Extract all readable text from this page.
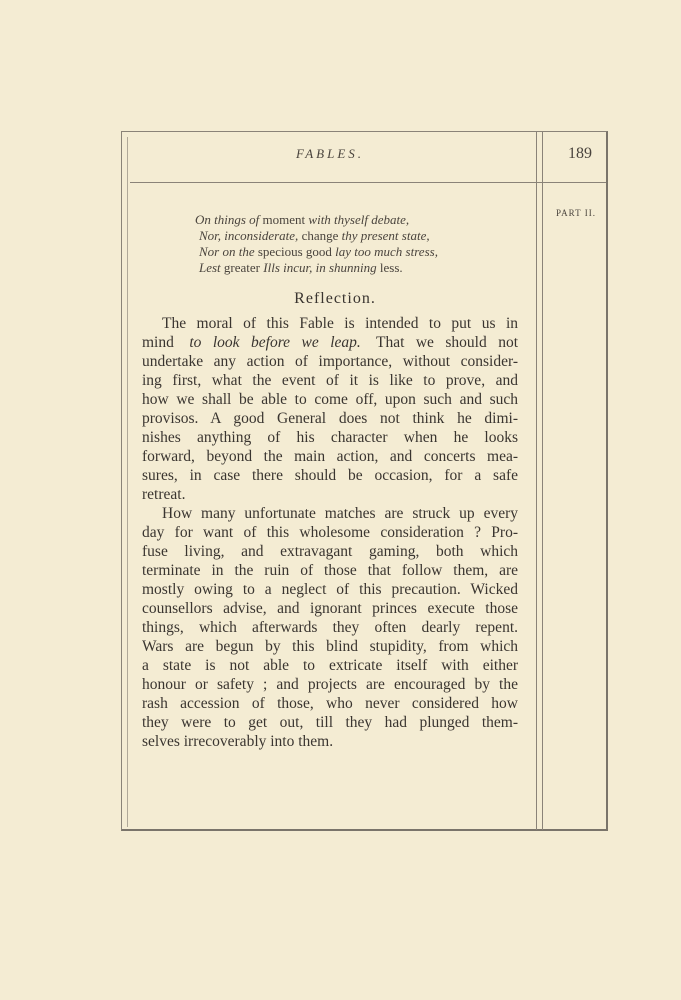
FABLES.	189
PART II.
On things of moment with thyself debate,
Nor, inconsiderate, change thy present state,
Nor on the specious good lay too much stress,
Lest greater Ills incur, in shunning less.
Reflection.
The moral of this Fable is intended to put us in
mind to look before we leap. That we should not
undertake any action of importance, without consider-
ing first, what the event of it is like to prove, and
how we shall be able to come off, upon such and such
provisos. A good General does not think he dimi-
nishes anything of his character when he looks
forward, beyond the main action, and concerts mea-
sures, in case there should be occasion, for a safe
retreat.
How many unfortunate matches are struck up every
day for want of this wholesome consideration ? Pro-
fuse living, and extravagant gaming, both which
terminate in the ruin of those that follow them, are
mostly owing to a neglect of this precaution. Wicked
counsellors advise, and ignorant princes execute those
things, which afterwards they often dearly repent.
Wars are begun by this blind stupidity, from which
a state is not able to extricate itself with either
honour or safety ; and projects are encouraged by the
rash accession of those, who never considered how
they were to get out, till they had plunged them-
selves irrecoverably into them.
